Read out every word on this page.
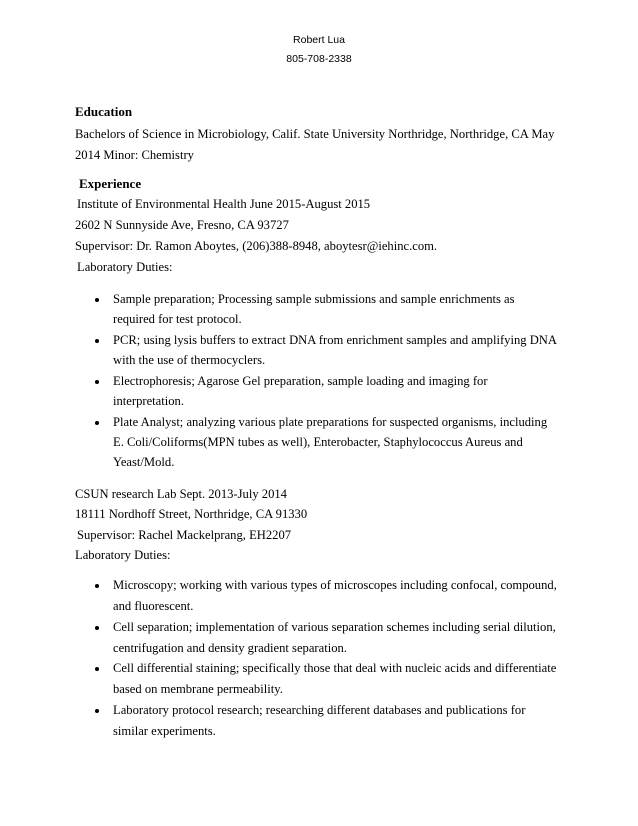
Robert Lua
805-708-2338
Education
Bachelors of Science in Microbiology, Calif. State University Northridge, Northridge, CA May
2014 Minor: Chemistry
Experience
Institute of Environmental Health June 2015-August 2015
2602 N Sunnyside Ave, Fresno, CA 93727
Supervisor: Dr. Ramon Aboytes, (206)388-8948, aboytesr@iehinc.com.
Laboratory Duties:
Sample preparation; Processing sample submissions and sample enrichments as
required for test protocol.
PCR; using lysis buffers to extract DNA from enrichment samples and amplifying DNA
with the use of thermocyclers.
Electrophoresis; Agarose Gel preparation, sample loading and imaging for
interpretation.
Plate Analyst; analyzing various plate preparations for suspected organisms, including
E. Coli/Coliforms(MPN tubes as well), Enterobacter, Staphylococcus Aureus and
Yeast/Mold.
CSUN research Lab Sept. 2013-July 2014
18111 Nordhoff Street, Northridge, CA 91330
Supervisor: Rachel Mackelprang, EH2207
Laboratory Duties:
Microscopy; working with various types of microscopes including confocal, compound,
and fluorescent.
Cell separation; implementation of various separation schemes including serial dilution,
centrifugation and density gradient separation.
Cell differential staining; specifically those that deal with nucleic acids and differentiate
based on membrane permeability.
Laboratory protocol research; researching different databases and publications for
similar experiments.
